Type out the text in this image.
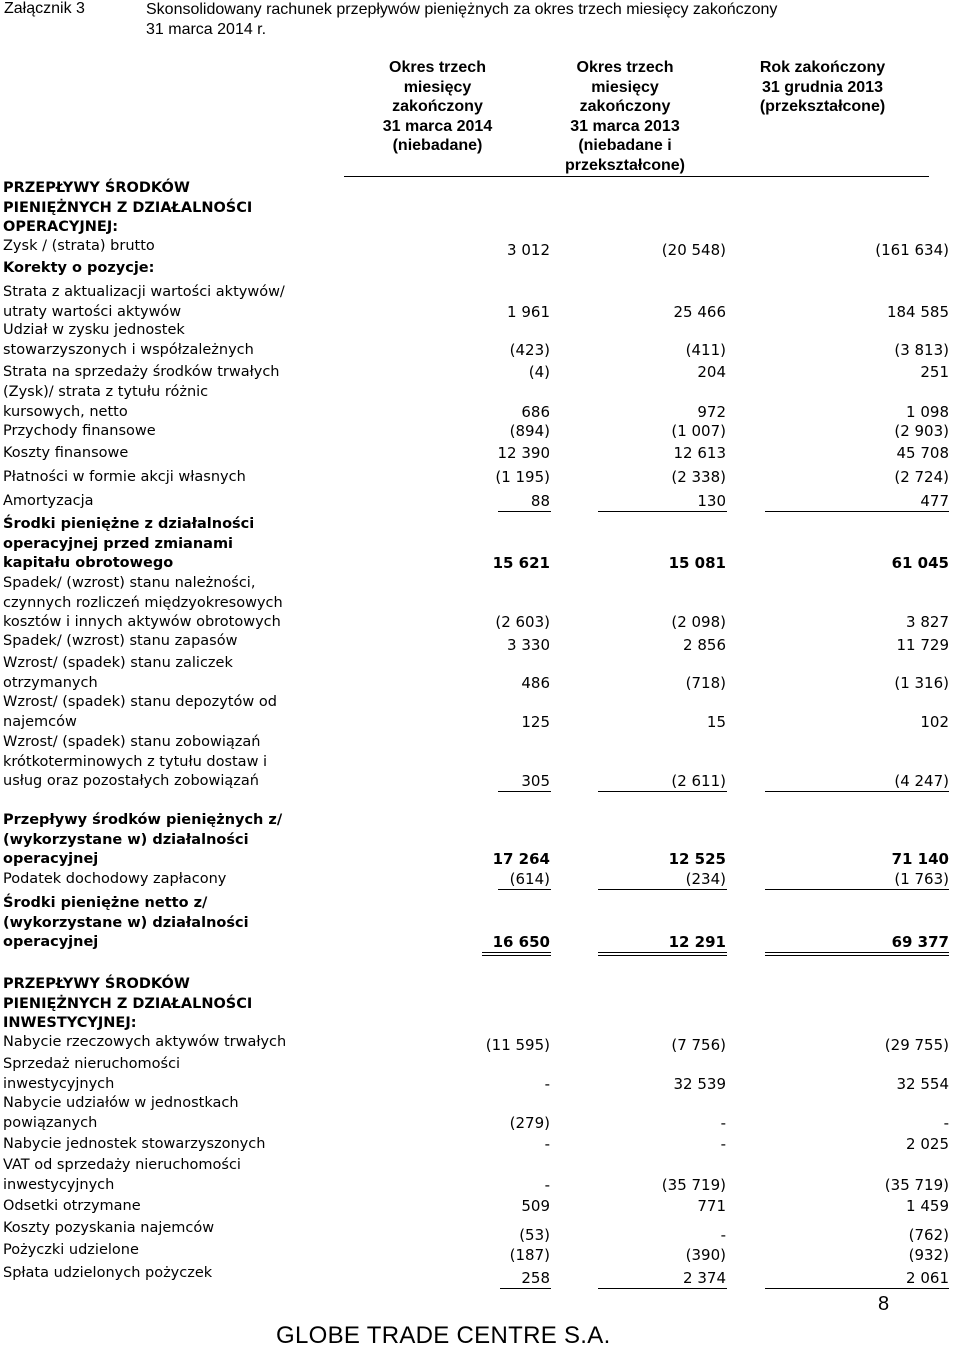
Załącznik 3	Skonsolidowany rachunek przepływów pieniężnych za okres trzech miesięcy zakończony
31 marca 2014 r.
Okres trzech
miesięcy
zakończony
31 marca 2014
(niebadane)
Okres trzech
miesięcy
zakończony
31 marca 2013
(niebadane i
przekształcone)
Rok zakończony
31 grudnia 2013
(przekształcone)
PRZEPŁYWY ŚRODKÓW
PIENIĘŻNYCH Z DZIAŁALNOŚCI
OPERACYJNEJ:
Zysk / (strata) brutto	3 012	(20 548)	(161 634)
Korekty o pozycje:
Strata z aktualizacji wartości aktywów/
utraty wartości aktywów	1 961	25 466	184 585
Udział w zysku jednostek
stowarzyszonych i współzależnych	(423)	(411)	(3 813)
Strata na sprzedaży środków trwałych	(4)	204	251
(Zysk)/ strata z tytułu różnic
kursowych, netto	686	972	1 098
Przychody finansowe	(894)	(1 007)	(2 903)
Koszty finansowe	12 390	12 613	45 708
Płatności w formie akcji własnych	(1 195)	(2 338)	(2 724)
Amortyzacja	88	130	477
Środki pieniężne z działalności
operacyjnej przed zmianami
kapitału obrotowego	15 621	15 081	61 045
Spadek/ (wzrost) stanu należności,
czynnych rozliczeń międzyokresowych
kosztów i innych aktywów obrotowych	(2 603)	(2 098)	3 827
Spadek/ (wzrost) stanu zapasów	3 330	2 856	11 729
Wzrost/ (spadek) stanu zaliczek
otrzymanych	486	(718)	(1 316)
Wzrost/ (spadek) stanu depozytów od
najemców	125	15	102
Wzrost/ (spadek) stanu zobowiązań
krótkoterminowych z tytułu dostaw i
usług oraz pozostałych zobowiązań	305	(2 611)	(4 247)
Przepływy środków pieniężnych z/
(wykorzystane w) działalności
operacyjnej	17 264	12 525	71 140
Podatek dochodowy zapłacony	(614)	(234)	(1 763)
Środki pieniężne netto z/
(wykorzystane w) działalności
operacyjnej	16 650	12 291	69 377
PRZEPŁYWY ŚRODKÓW
PIENIĘŻNYCH Z DZIAŁALNOŚCI
INWESTYCYJNEJ:
Nabycie rzeczowych aktywów trwałych	(11 595)	(7 756)	(29 755)
Sprzedaż nieruchomości
inwestycyjnych	-	32 539	32 554
Nabycie udziałów w jednostkach
powiązanych	(279)	-	-
Nabycie jednostek stowarzyszonych	-	-	2 025
VAT od sprzedaży nieruchomości
inwestycyjnych	-	(35 719)	(35 719)
Odsetki otrzymane	509	771	1 459
Koszty pozyskania najemców	(53)	-	(762)
Pożyczki udzielone	(187)	(390)	(932)
Spłata udzielonych pożyczek	258	2 374	2 061
8
GLOBE TRADE CENTRE S.A.
